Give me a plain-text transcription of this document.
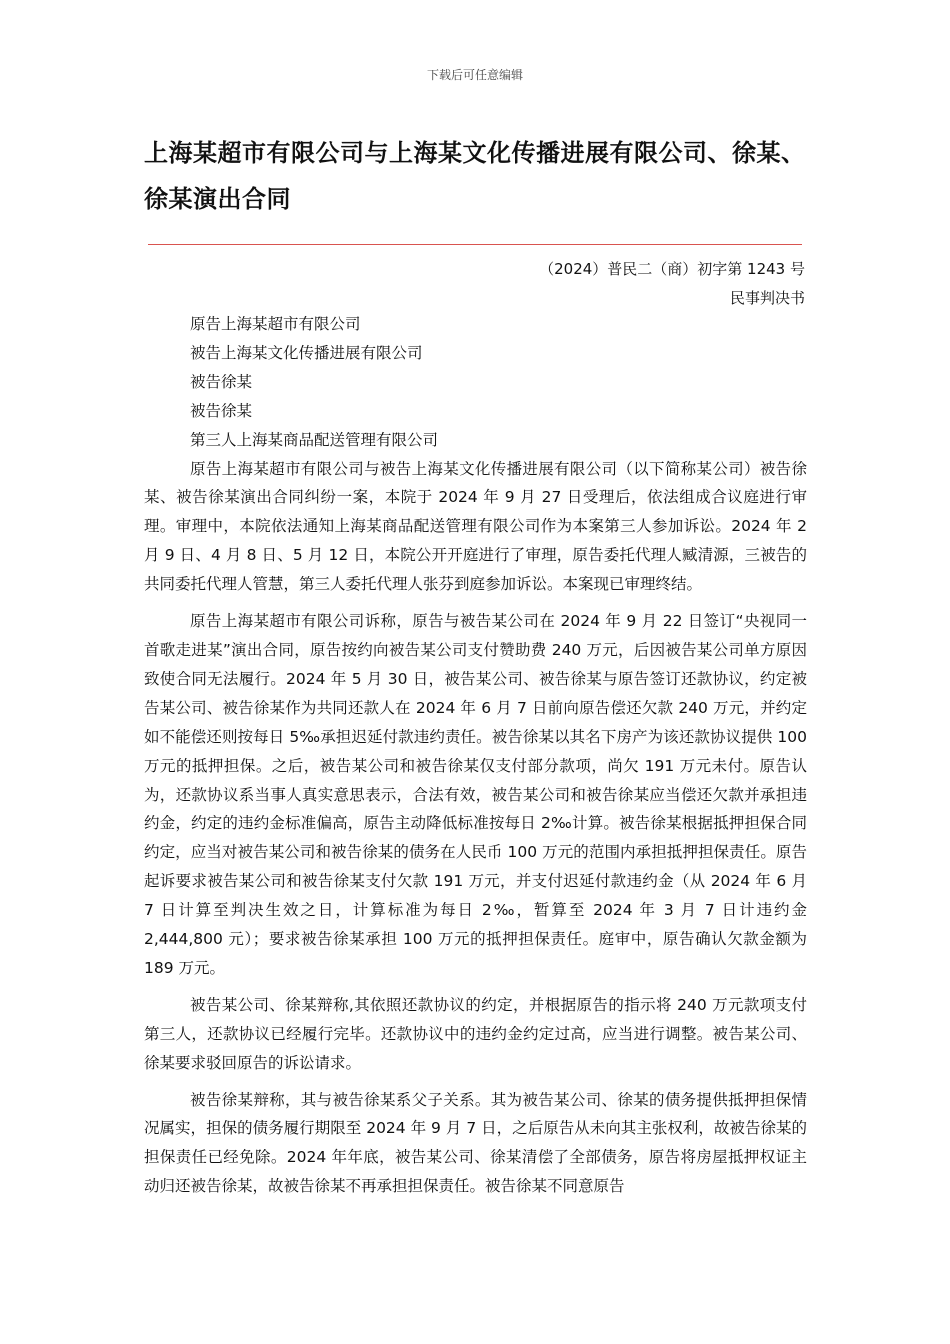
下载后可任意编辑
上海某超市有限公司与上海某文化传播进展有限公司、徐某、徐某演出合同
（2024）普民二（商）初字第 1243 号
民事判决书

原告上海某超市有限公司

被告上海某文化传播进展有限公司

被告徐某

被告徐某

第三人上海某商品配送管理有限公司

原告上海某超市有限公司与被告上海某文化传播进展有限公司（以下简称某公司）被告徐某、被告徐某演出合同纠纷一案，本院于 2024 年 9 月 27 日受理后，依法组成合议庭进行审理。审理中，本院依法通知上海某商品配送管理有限公司作为本案第三人参加诉讼。2024 年 2 月 9 日、4 月 8 日、5 月 12 日，本院公开开庭进行了审理，原告委托代理人臧清源，三被告的共同委托代理人管慧，第三人委托代理人张芬到庭参加诉讼。本案现已审理终结。

原告上海某超市有限公司诉称，原告与被告某公司在 2024 年 9 月 22 日签订“央视同一首歌走进某”演出合同，原告按约向被告某公司支付赞助费 240 万元，后因被告某公司单方原因致使合同无法履行。2024 年 5 月 30 日，被告某公司、被告徐某与原告签订还款协议，约定被告某公司、被告徐某作为共同还款人在 2024 年 6 月 7 日前向原告偿还欠款 240 万元，并约定如不能偿还则按每日 5‰承担迟延付款违约责任。被告徐某以其名下房产为该还款协议提供 100 万元的抵押担保。之后，被告某公司和被告徐某仅支付部分款项，尚欠 191 万元未付。原告认为，还款协议系当事人真实意思表示，合法有效，被告某公司和被告徐某应当偿还欠款并承担违约金，约定的违约金标准偏高，原告主动降低标准按每日 2‰计算。被告徐某根据抵押担保合同约定，应当对被告某公司和被告徐某的债务在人民币 100 万元的范围内承担抵押担保责任。原告起诉要求被告某公司和被告徐某支付欠款 191 万元，并支付迟延付款违约金（从 2024 年 6 月 7 日计算至判决生效之日，计算标准为每日 2‰，暂算至 2024 年 3 月 7 日计违约金 2,444,800 元）；要求被告徐某承担 100 万元的抵押担保责任。庭审中，原告确认欠款金额为 189 万元。

被告某公司、徐某辩称,其依照还款协议的约定，并根据原告的指示将 240 万元款项支付第三人，还款协议已经履行完毕。还款协议中的违约金约定过高，应当进行调整。被告某公司、徐某要求驳回原告的诉讼请求。

被告徐某辩称，其与被告徐某系父子关系。其为被告某公司、徐某的债务提供抵押担保情况属实，担保的债务履行期限至 2024 年 9 月 7 日，之后原告从未向其主张权利，故被告徐某的担保责任已经免除。2024 年年底，被告某公司、徐某清偿了全部债务，原告将房屋抵押权证主动归还被告徐某，故被告徐某不再承担担保责任。被告徐某不同意原告
